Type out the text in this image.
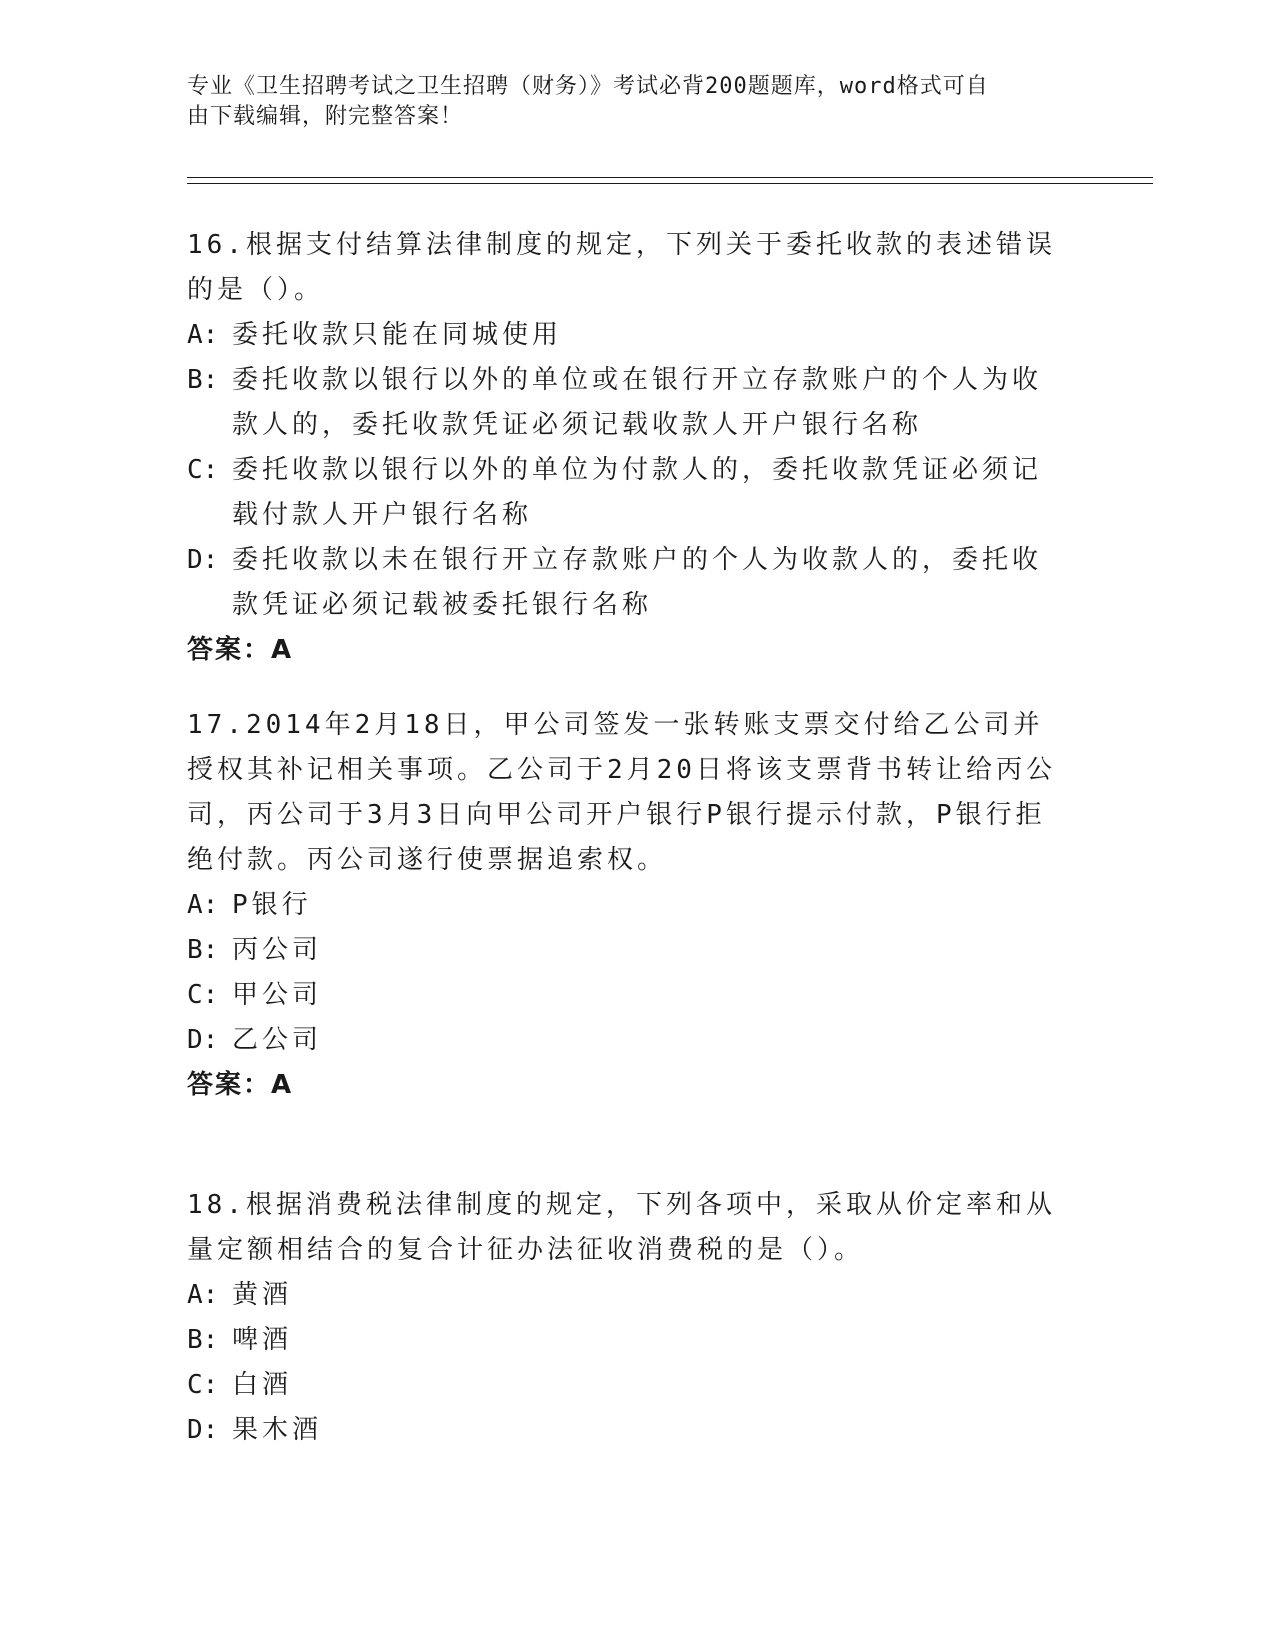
专业《卫生招聘考试之卫生招聘（财务）》考试必背200题题库，word格式可自
由下载编辑，附完整答案！

16.根据支付结算法律制度的规定，下列关于委托收款的表述错误的是（）。

A: 委托收款只能在同城使用
B: 委托收款以银行以外的单位或在银行开立存款账户的个人为收款人的，委托收款凭证必须记载收款人开户银行名称
C: 委托收款以银行以外的单位为付款人的，委托收款凭证必须记载付款人开户银行名称
D: 委托收款以未在银行开立存款账户的个人为收款人的，委托收款凭证必须记载被委托银行名称

答案：A

17.2014年2月18日，甲公司签发一张转账支票交付给乙公司并授权其补记相关事项。乙公司于2月20日将该支票背书转让给丙公司，丙公司于3月3日向甲公司开户银行P银行提示付款，P银行拒绝付款。丙公司遂行使票据追索权。

A: P银行
B: 丙公司
C: 甲公司
D: 乙公司

答案：A

18.根据消费税法律制度的规定，下列各项中，采取从价定率和从量定额相结合的复合计征办法征收消费税的是（）。

A: 黄酒
B: 啤酒
C: 白酒
D: 果木酒
